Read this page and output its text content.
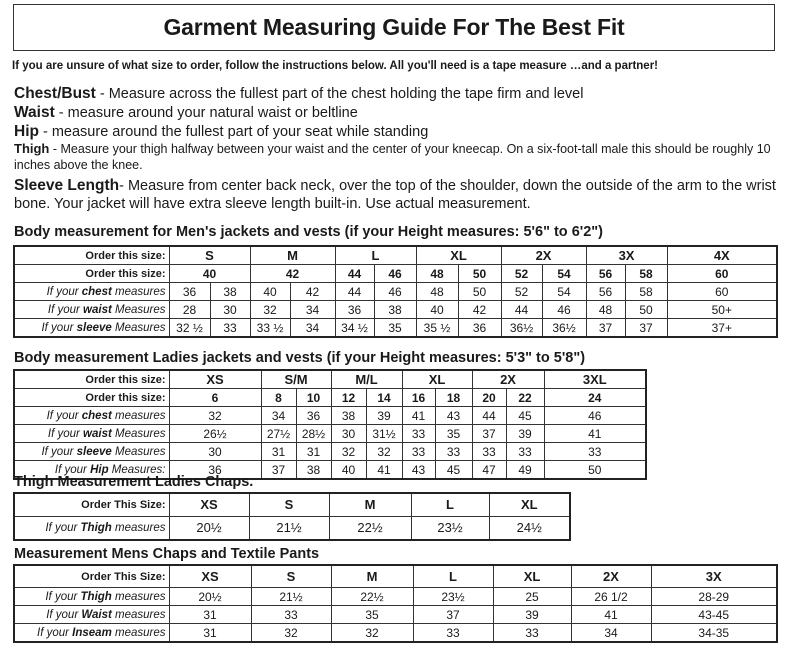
Garment Measuring Guide For The Best Fit
If you are unsure of what size to order, follow the instructions below. All you'll need is a tape measure …and a partner!
Chest/Bust - Measure across the fullest part of the chest holding the tape firm and level
Waist - measure around your natural waist or beltline
Hip - measure around the fullest part of your seat while standing
Thigh - Measure your thigh halfway between your waist and the center of your kneecap. On a six-foot-tall male this should be roughly 10 inches above the knee.
Sleeve Length- Measure from center back neck, over the top of the shoulder, down the outside of the arm to the wrist bone. Your jacket will have extra sleeve length built-in. Use actual measurement.
Body measurement for Men's jackets and vests (if your Height measures: 5'6" to 6'2")
Order this size:	S		M		L		XL		2X		3X		4X
Order this size:	40		42		44	46	48	50	52	54	56	58	60
If your chest measures	36	38	40	42	44	46	48	50	52	54	56	58	60
If your waist Measures	28	30	32	34	36	38	40	42	44	46	48	50	50+
If your sleeve Measures	32 ½	33	33 ½	34	34 ½	35	35 ½	36	36½	36½	37	37	37+
Body measurement Ladies jackets and vests (if your Height measures: 5'3" to 5'8")
Order this size:	XS	S/M		M/L		XL		2X		3XL
Order this size:	6	8	10	12	14	16	18	20	22	24
If your chest measures	32	34	36	38	39	41	43	44	45	46
If your waist Measures	26½	27½	28½	30	31½	33	35	37	39	41
If your sleeve Measures	30	31	31	32	32	33	33	33	33	33
If your Hip Measures:	36	37	38	40	41	43	45	47	49	50
Thigh Measurement Ladies Chaps.
Order This Size:	XS	S	M	L	XL
If your Thigh measures	20½	21½	22½	23½	24½
Measurement Mens Chaps and Textile Pants
Order This Size:	XS	S	M	L	XL	2X	3X
If your Thigh measures	20½	21½	22½	23½	25	26 1/2	28-29
If your Waist measures	31	33	35	37	39	41	43-45
If your Inseam measures	31	32	32	33	33	34	34-35
